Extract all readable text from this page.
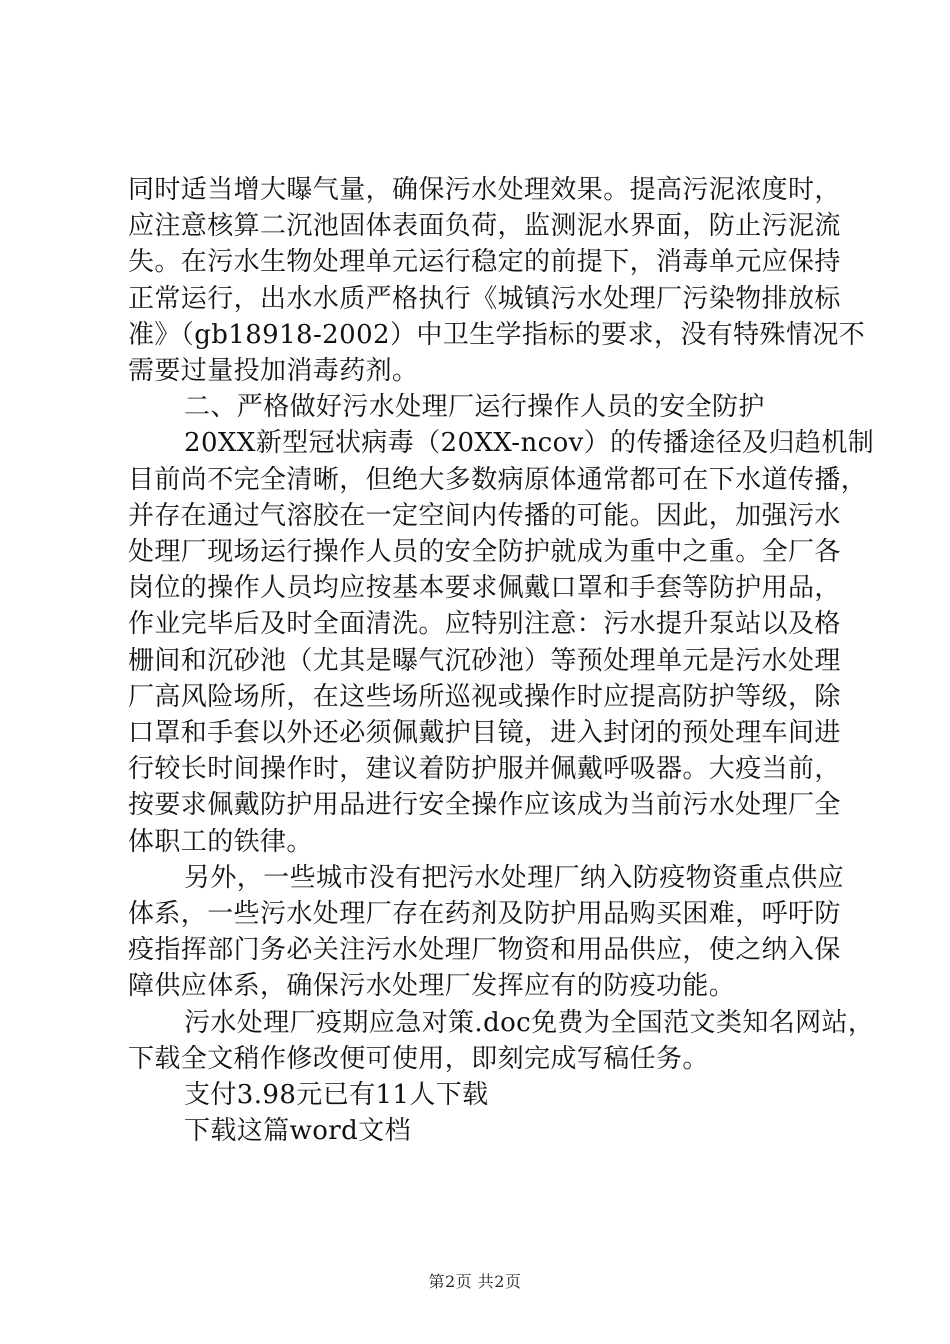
同时适当增大曝气量，确保污水处理效果。提高污泥浓度时，
应注意核算二沉池固体表面负荷，监测泥水界面，防止污泥流
失。在污水生物处理单元运行稳定的前提下，消毒单元应保持
正常运行，出水水质严格执行《城镇污水处理厂污染物排放标
准》（gb18918-2002）中卫生学指标的要求，没有特殊情况不
需要过量投加消毒药剂。
二、严格做好污水处理厂运行操作人员的安全防护
20XX新型冠状病毒（20XX-ncov）的传播途径及归趋机制
目前尚不完全清晰，但绝大多数病原体通常都可在下水道传播，
并存在通过气溶胶在一定空间内传播的可能。因此，加强污水
处理厂现场运行操作人员的安全防护就成为重中之重。全厂各
岗位的操作人员均应按基本要求佩戴口罩和手套等防护用品，
作业完毕后及时全面清洗。应特别注意：污水提升泵站以及格
栅间和沉砂池（尤其是曝气沉砂池）等预处理单元是污水处理
厂高风险场所，在这些场所巡视或操作时应提高防护等级，除
口罩和手套以外还必须佩戴护目镜，进入封闭的预处理车间进
行较长时间操作时，建议着防护服并佩戴呼吸器。大疫当前，
按要求佩戴防护用品进行安全操作应该成为当前污水处理厂全
体职工的铁律。
另外，一些城市没有把污水处理厂纳入防疫物资重点供应
体系，一些污水处理厂存在药剂及防护用品购买困难，呼吁防
疫指挥部门务必关注污水处理厂物资和用品供应，使之纳入保
障供应体系，确保污水处理厂发挥应有的防疫功能。
污水处理厂疫期应急对策.doc免费为全国范文类知名网站，
下载全文稍作修改便可使用，即刻完成写稿任务。
支付3.98元已有11人下载
下载这篇word文档
第2页 共2页
